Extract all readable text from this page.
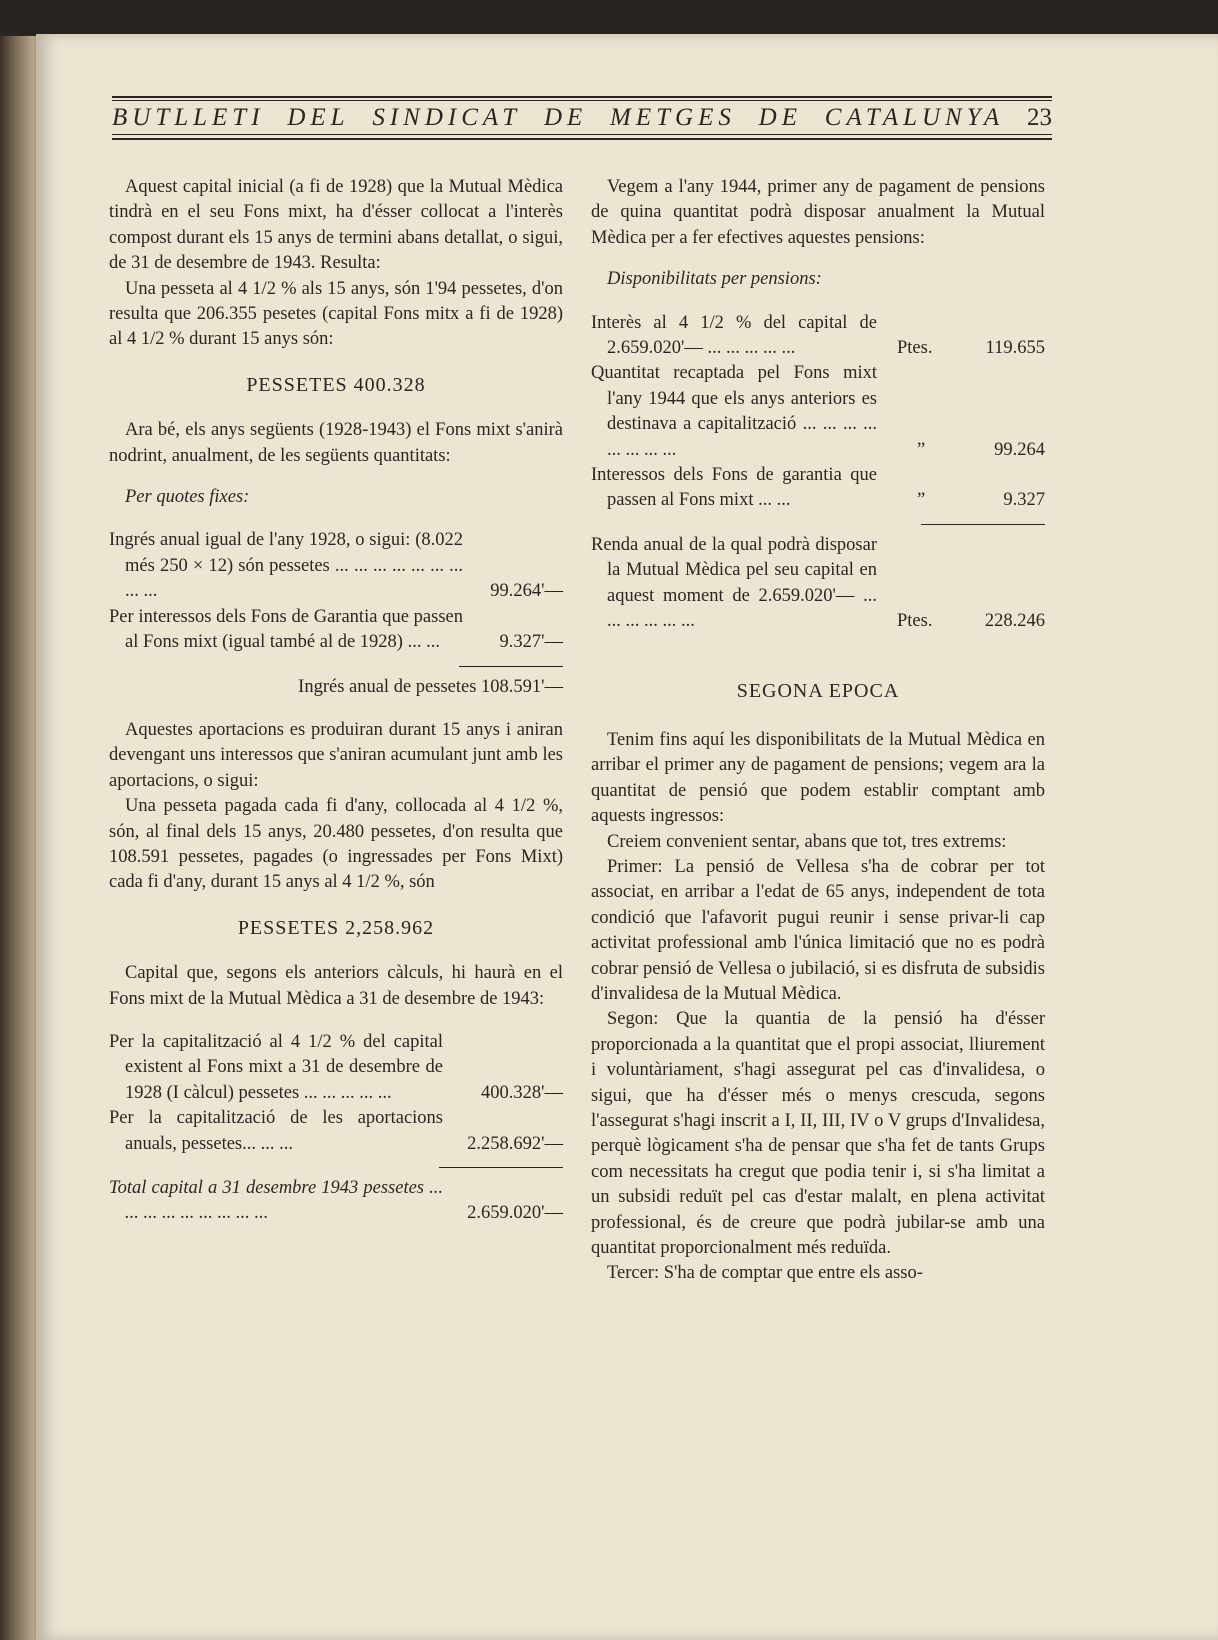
BUTLLETI DEL SINDICAT DE METGES DE CATALUNYA 23

Aquest capital inicial (a fi de 1928) que la Mutual Mèdica tindrà en el seu Fons mixt, ha d'ésser collocat a l'interès compost durant els 15 anys de termini abans detallat, o sigui, de 31 de desembre de 1943. Resulta:

Una pesseta al 4 1/2 % als 15 anys, són 1'94 pessetes, d'on resulta que 206.355 pesetes (capital Fons mitx a fi de 1928) al 4 1/2 % durant 15 anys són:

PESSETES 400.328

Ara bé, els anys següents (1928-1943) el Fons mixt s'anirà nodrint, anualment, de les següents quantitats:

Per quotes fixes:
Ingrés anual igual de l'any 1928, o sigui: (8.022 més 250 × 12) són pessetes ... ... ... ... ... ... ... ... ...	99.264'—
Per interessos dels Fons de Garantia que passen al Fons mixt (igual també al de 1928) ... ...	9.327'—
Ingrés anual de pessetes 108.591'—

Aquestes aportacions es produiran durant 15 anys i aniran devengant uns interessos que s'aniran acumulant junt amb les aportacions, o sigui:

Una pesseta pagada cada fi d'any, collocada al 4 1/2 %, són, al final dels 15 anys, 20.480 pessetes, d'on resulta que 108.591 pessetes, pagades (o ingressades per Fons Mixt) cada fi d'any, durant 15 anys al 4 1/2 %, són

PESSETES 2,258.962

Capital que, segons els anteriors càlculs, hi haurà en el Fons mixt de la Mutual Mèdica a 31 de desembre de 1943:

Per la capitalització al 4 1/2 % del capital existent al Fons mixt a 31 de desembre de 1928 (I càlcul) pessetes ... ... ... ... ...	400.328'—
Per la capitalització de les aportacions anuals, pessetes... ... ...	2.258.692'—
Total capital a 31 desembre 1943 pessetes ... ... ... ... ... ... ... ... ...	2.659.020'—

Vegem a l'any 1944, primer any de pagament de pensions de quina quantitat podrà disposar anualment la Mutual Mèdica per a fer efectives aquestes pensions:

Disponibilitats per pensions:
Interès al 4 1/2 % del capital de 2.659.020'— ... ... ... ... ...	Ptes.	119.655
Quantitat recaptada pel Fons mixt l'any 1944 que els anys anteriors es destinava a capitalització ... ... ... ... ... ... ... ...	”	99.264
Interessos dels Fons de garantia que passen al Fons mixt ... ...	”	9.327
Renda anual de la qual podrà disposar la Mutual Mèdica pel seu capital en aquest moment de 2.659.020'— ... ... ... ... ... ...	Ptes.	228.246
SEGONA EPOCA

Tenim fins aquí les disponibilitats de la Mutual Mèdica en arribar el primer any de pagament de pensions; vegem ara la quantitat de pensió que podem establir comptant amb aquests ingressos:

Creiem convenient sentar, abans que tot, tres extrems:

Primer: La pensió de Vellesa s'ha de cobrar per tot associat, en arribar a l'edat de 65 anys, independent de tota condició que l'afavorit pugui reunir i sense privar-li cap activitat professional amb l'única limitació que no es podrà cobrar pensió de Vellesa o jubilació, si es disfruta de subsidis d'invalidesa de la Mutual Mèdica.

Segon: Que la quantia de la pensió ha d'ésser proporcionada a la quantitat que el propi associat, lliurement i voluntàriament, s'hagi assegurat pel cas d'invalidesa, o sigui, que ha d'ésser més o menys crescuda, segons l'assegurat s'hagi inscrit a I, II, III, IV o V grups d'Invalidesa, perquè lògicament s'ha de pensar que s'ha fet de tants Grups com necessitats ha cregut que podia tenir i, si s'ha limitat a un subsidi reduït pel cas d'estar malalt, en plena activitat professional, és de creure que podrà jubilar-se amb una quantitat proporcionalment més reduïda.

Tercer: S'ha de comptar que entre els asso-
